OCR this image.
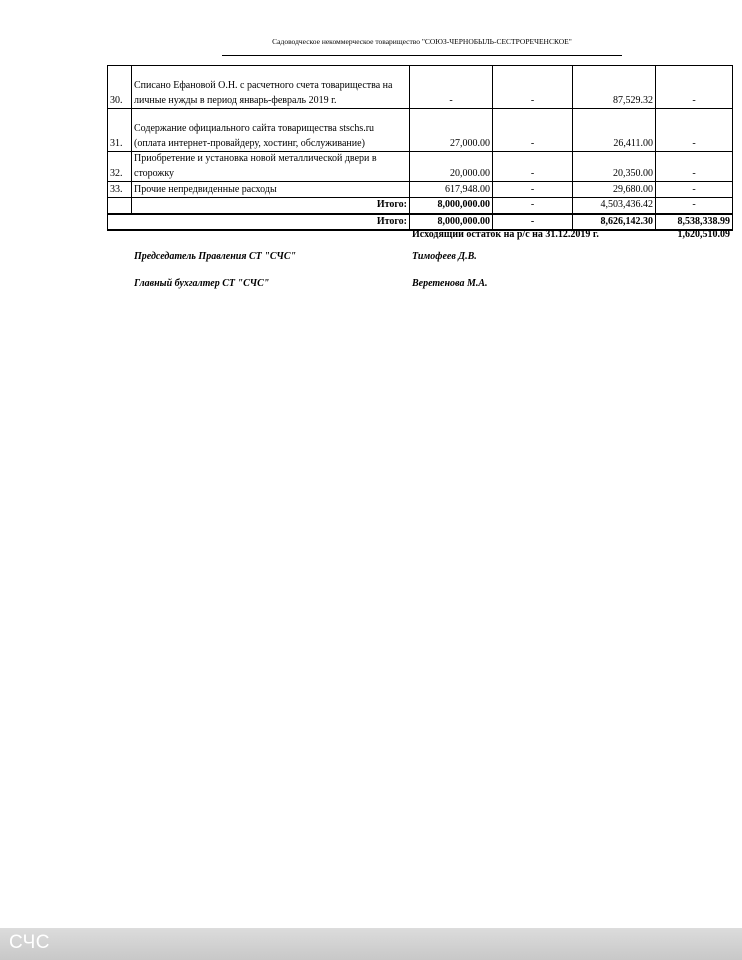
Садоводческое некоммерческое товарищество "СОЮЗ-ЧЕРНОБЫЛЬ-СЕСТРОРЕЧЕНСКОЕ"
30.	Списано Ефановой О.Н. с расчетного счета товарищества на личные нужды в период январь-февраль 2019 г.	-	-	87,529.32	-
31.	Содержание официального сайта товарищества stschs.ru (оплата интернет-провайдеру, хостинг, обслуживание)	27,000.00	-	26,411.00	-
32.	Приобретение и установка новой металлической двери в сторожку	20,000.00	-	20,350.00	-
33.	Прочие непредвиденные расходы	617,948.00	-	29,680.00	-
	Итого:	8,000,000.00	-	4,503,436.42	-
Итого:		8,000,000.00	-	8,626,142.30	8,538,338.99
Исходящий остаток на р/с на 31.12.2019 г.	1,620,510.09
Председатель Правления СТ "СЧС"	Тимофеев Д.В.
Главный бухгалтер СТ "СЧС"	Веретенова М.А.
СЧС
